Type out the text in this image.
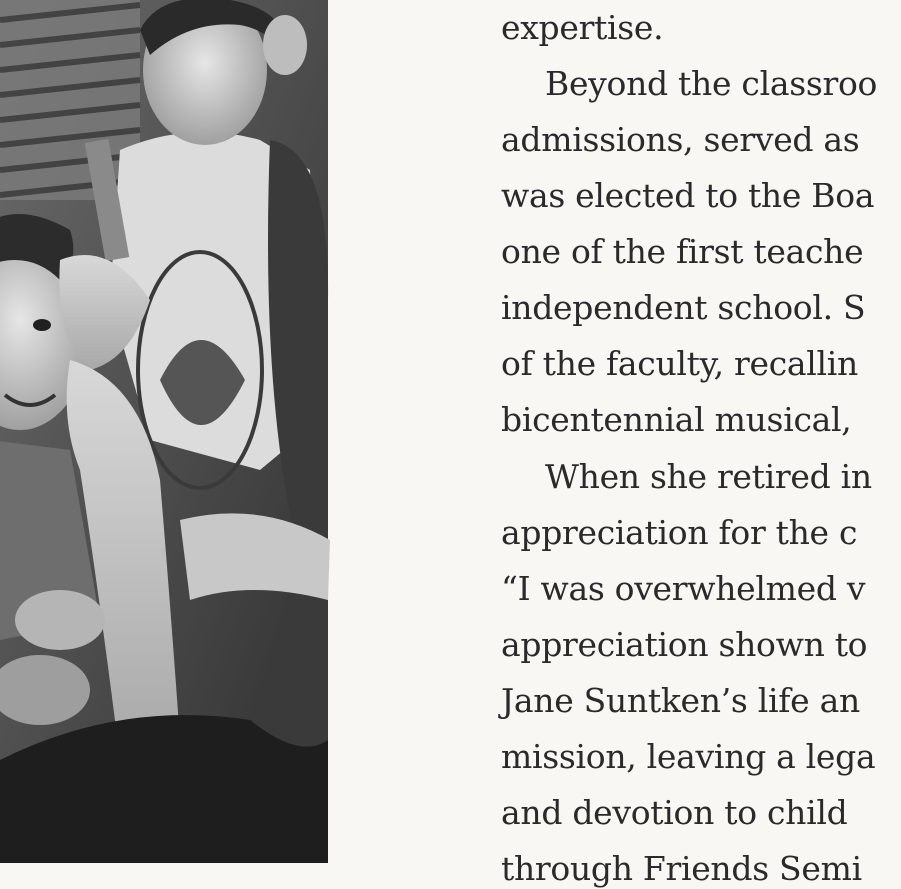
expertise.
Beyond the classroo
admissions, served as
was elected to the Boa
one of the first teache
independent school. S
of the faculty, recallin
bicentennial musical,
When she retired in
appreciation for the c
“I was overwhelmed v
appreciation shown to
Jane Suntken’s life an
mission, leaving a lega
and devotion to child
through Friends Semi
